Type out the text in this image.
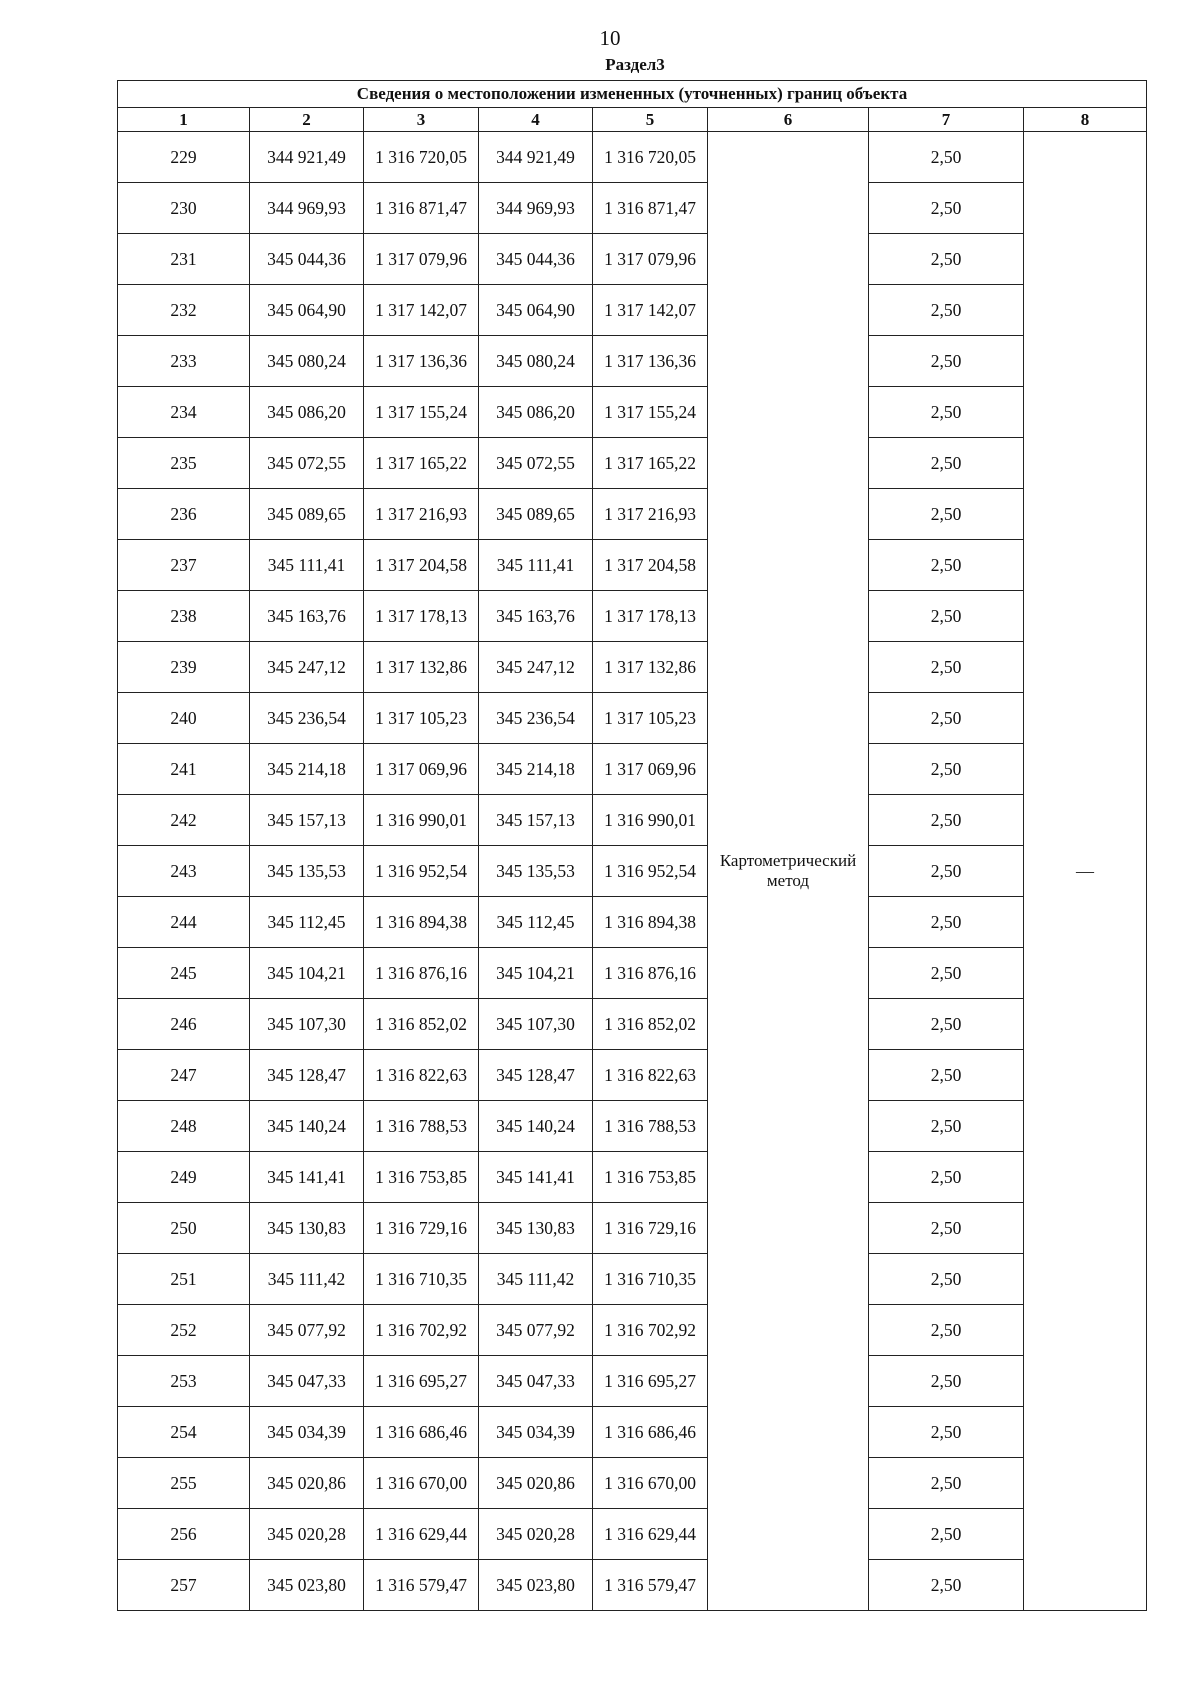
10
Раздел3
Сведения о местоположении измененных (уточненных) границ объекта							
1	2	3	4	5	6	7	8
229	344 921,49	1 316 720,05	344 921,49	1 316 720,05	Картометрический метод	2,50	—
230	344 969,93	1 316 871,47	344 969,93	1 316 871,47		2,50	
231	345 044,36	1 317 079,96	345 044,36	1 317 079,96		2,50	
232	345 064,90	1 317 142,07	345 064,90	1 317 142,07		2,50	
233	345 080,24	1 317 136,36	345 080,24	1 317 136,36		2,50	
234	345 086,20	1 317 155,24	345 086,20	1 317 155,24		2,50	
235	345 072,55	1 317 165,22	345 072,55	1 317 165,22		2,50	
236	345 089,65	1 317 216,93	345 089,65	1 317 216,93		2,50	
237	345 111,41	1 317 204,58	345 111,41	1 317 204,58		2,50	
238	345 163,76	1 317 178,13	345 163,76	1 317 178,13		2,50	
239	345 247,12	1 317 132,86	345 247,12	1 317 132,86		2,50	
240	345 236,54	1 317 105,23	345 236,54	1 317 105,23		2,50	
241	345 214,18	1 317 069,96	345 214,18	1 317 069,96		2,50	
242	345 157,13	1 316 990,01	345 157,13	1 316 990,01		2,50	
243	345 135,53	1 316 952,54	345 135,53	1 316 952,54		2,50	
244	345 112,45	1 316 894,38	345 112,45	1 316 894,38		2,50	
245	345 104,21	1 316 876,16	345 104,21	1 316 876,16		2,50	
246	345 107,30	1 316 852,02	345 107,30	1 316 852,02		2,50	
247	345 128,47	1 316 822,63	345 128,47	1 316 822,63		2,50	
248	345 140,24	1 316 788,53	345 140,24	1 316 788,53		2,50	
249	345 141,41	1 316 753,85	345 141,41	1 316 753,85		2,50	
250	345 130,83	1 316 729,16	345 130,83	1 316 729,16		2,50	
251	345 111,42	1 316 710,35	345 111,42	1 316 710,35		2,50	
252	345 077,92	1 316 702,92	345 077,92	1 316 702,92		2,50	
253	345 047,33	1 316 695,27	345 047,33	1 316 695,27		2,50	
254	345 034,39	1 316 686,46	345 034,39	1 316 686,46		2,50	
255	345 020,86	1 316 670,00	345 020,86	1 316 670,00		2,50	
256	345 020,28	1 316 629,44	345 020,28	1 316 629,44		2,50	
257	345 023,80	1 316 579,47	345 023,80	1 316 579,47		2,50	
